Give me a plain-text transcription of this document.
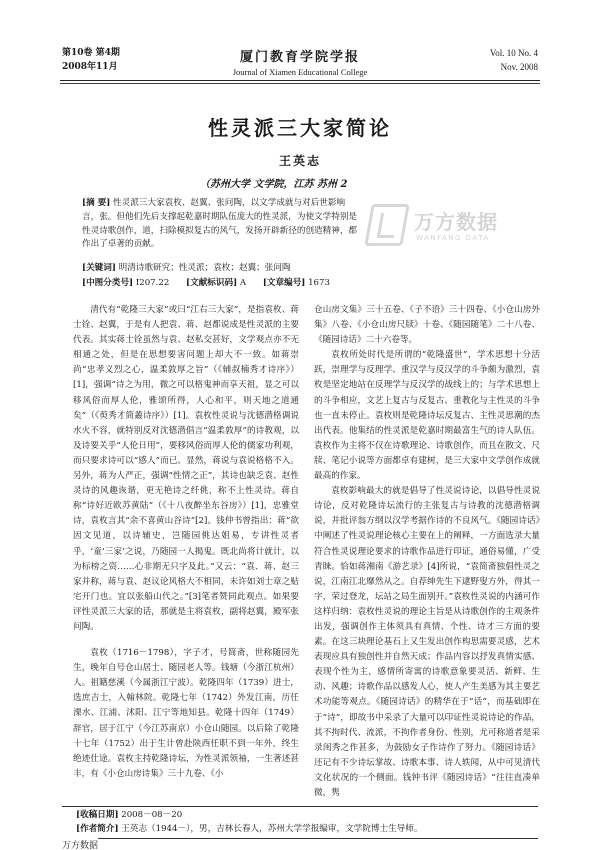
第10卷 第4期
2008年11月
厦门教育学院学报
Journal of Xiamen Educational College
Vol. 10 No. 4
Nov. 2008
性灵派三大家简论
王英志
（苏州大学 文学院，江苏 苏州 2
[摘 要] 性灵派三大家袁枚、赵翼、张问陶，以文学成就与对后世影响言，张。但他们先后支撑起乾嘉时期队伍庞大的性灵派，为使文学特别是性灵诗歌创作，道，扫除模拟复古的风气，发扬开辟新径的创造精神，都作出了卓著的贡献。
[关键词] 明清诗歌研究；性灵派；袁枚；赵翼；张问陶
[中图分类号] I207.22 [文献标识码] A [文章编号] 1673
万方数据
WANFANG DATA

清代有“乾隆三大家”或曰“江右三大家”，是指袁枚、蒋士铨、赵翼，于是有人把袁、蒋、赵都说成是性灵派的主要代表。其实蒋士铨虽然与袁、赵私交甚好，文学观点亦不无相通之处，但是在思想要害问题上却大不一致。如蒋崇尚“忠孝义烈之心，温柔敦厚之旨”（《辅叔楠秀才诗序》）[1]，强调“诗之为用，微之可以格鬼神而享天祖，显之可以移风俗而厚人伦，雅颂所得，人心和平，则天地之道通矣”（《萸秀才简叢诗序》）[1]。袁枚性灵说与沈德潜格调说水火不容，就特别反对沈德潜倡言“温柔敦厚”的诗教观，以及诗要关乎“人伦日用”，要移风俗而厚人伦的儒家功利观，而只要求诗可以“感人”而已。显然，蒋说与袁说格格不入。另外，蒋为人严正，强调“性情之正”，其诗也缺乏袁、赵性灵诗的风趣诙谐，更无艳诗之纤佻，称不上性灵诗。蒋自称“诗好近欧苏黄陆”（《十八夜醉坐东谷房》）[1]，忠雅堂诗，袁枚言其“余不喜黄山谷诗”[2]。钱仲书曾指出：蒋“欲因文见道，以诗辅史，岂随园佻达姐易，专讲性灵者乎，‘童’三家’之说，乃随园一人揭鬼。既北尚将计就计，以为标榜之资……心非期无只字及此。”又云：“袁、蒋、赵三家并称，蒋与袁、赵议论风格大不相同，未许如刘士章之贴宅开门也。宜以张船山代之。”[3]笔者赞同此观点。如果要评性灵派三大家的话，那就是主将袁枚，副将赵翼，殿军张问陶。

袁枚（1716－1798），字子才，号简斋，世称随园先生，晚年自号仓山居士、随园老人等。钱塘（今浙江杭州）人。祖籍慈溪（今属浙江宁波）。乾隆四年（1739）进士，选庶吉士，入翰林院。乾隆七年（1742）外发江南，历任溧水、江浦、沭阳、江宁等地知县。乾隆十四年（1749）辞官，居于江宁（今江苏南京）小仓山随园。以后除了乾隆十七年（1752）出于生计曾赴陕西任职不到一年外，终生绝迹仕途。袁枚主持乾隆诗坛，为性灵派领袖，一生著述甚丰，有《小仓山房诗集》三十九卷、《小

仓山房文集》三十五卷、《子不语》三十四卷、《小仓山房外集》八卷、《小仓山房尺牍》十卷、《随园随笔》二十八卷、《随园诗话》二十六卷等。

袁枚所处时代是所谓的“乾隆盛世”，学术思想十分活跃，崇理学与反理学、重汉学与反汉学的斗争颇为激烈，袁枚是坚定地站在反理学与反汉学的战线上的；与学术思想上的斗争相应，文艺上复古与反复古、重教化与主性灵的斗争也一直未停止。袁枚则是乾隆诗坛反复古、主性灵思潮的杰出代表。他集结的性灵派是乾嘉时期最富生气的诗人队伍。袁枚作为主将不仅在诗歌理论、诗歌创作，而且在散文、尺牍、笔记小说等方面都卓有建树，是三大家中文学创作成就最高的作家。

袁枚影响最大的就是倡导了性灵说诗论，以倡导性灵说诗论，反对乾隆诗坛流行的主张复古与诗教的沈德潜格调说，并批评翁方纲以汉学考据作诗的不良风气。《随园诗话》中阐述了性灵说理论核心主要在上的阐释，一方面选录大量符合性灵说理论要求的诗歌作品进行印证，通俗易懂，广受青睐。恰如蒋湘南《游艺录》[4]所说，“袁简斋独倡性灵之说，江南江北靡然从之。自荐绅先生下逮野叟方外，得其一字，荣过登龙，坛站之局生面别开。”袁枚性灵说的内涵可作这样归纳：袁枚性灵说的理论主旨是从诗歌创作的主观条件出发，强调创作主体须具有真情、个性、诗才三方面的要素。在这三块理论基石上又生发出创作构思需要灵感，艺术表现应具有独创性并自然天成；作品内容以抒发真情实感、表现个性为主，感情所寄寓的诗歌意象要灵活、新鲜、生动、风趣；诗歌作品以感发人心，使人产生美感为其主要艺术功能等观点。《随园诗话》的精华在于“话”，而基础即在于“诗”，即故书中采录了大量可以印证性灵说诗论的作品，其不拘时代、流派，不拘作者身份、性别，尤可称道者是采录闺秀之作甚多，为鼓励女子作诗作了努力。《随园诗话》还记有不少诗坛掌故、诗歌本事、诗人轶闻，从中可见清代文化状况的一个侧面。钱钟书评《随园诗话》“往往直凑单微，隽

[收稿日期] 2008－08－20
[作者简介] 王英志（1944－），男，吉林长春人，苏州大学学报编审，文学院博士生导师。
万方数据
